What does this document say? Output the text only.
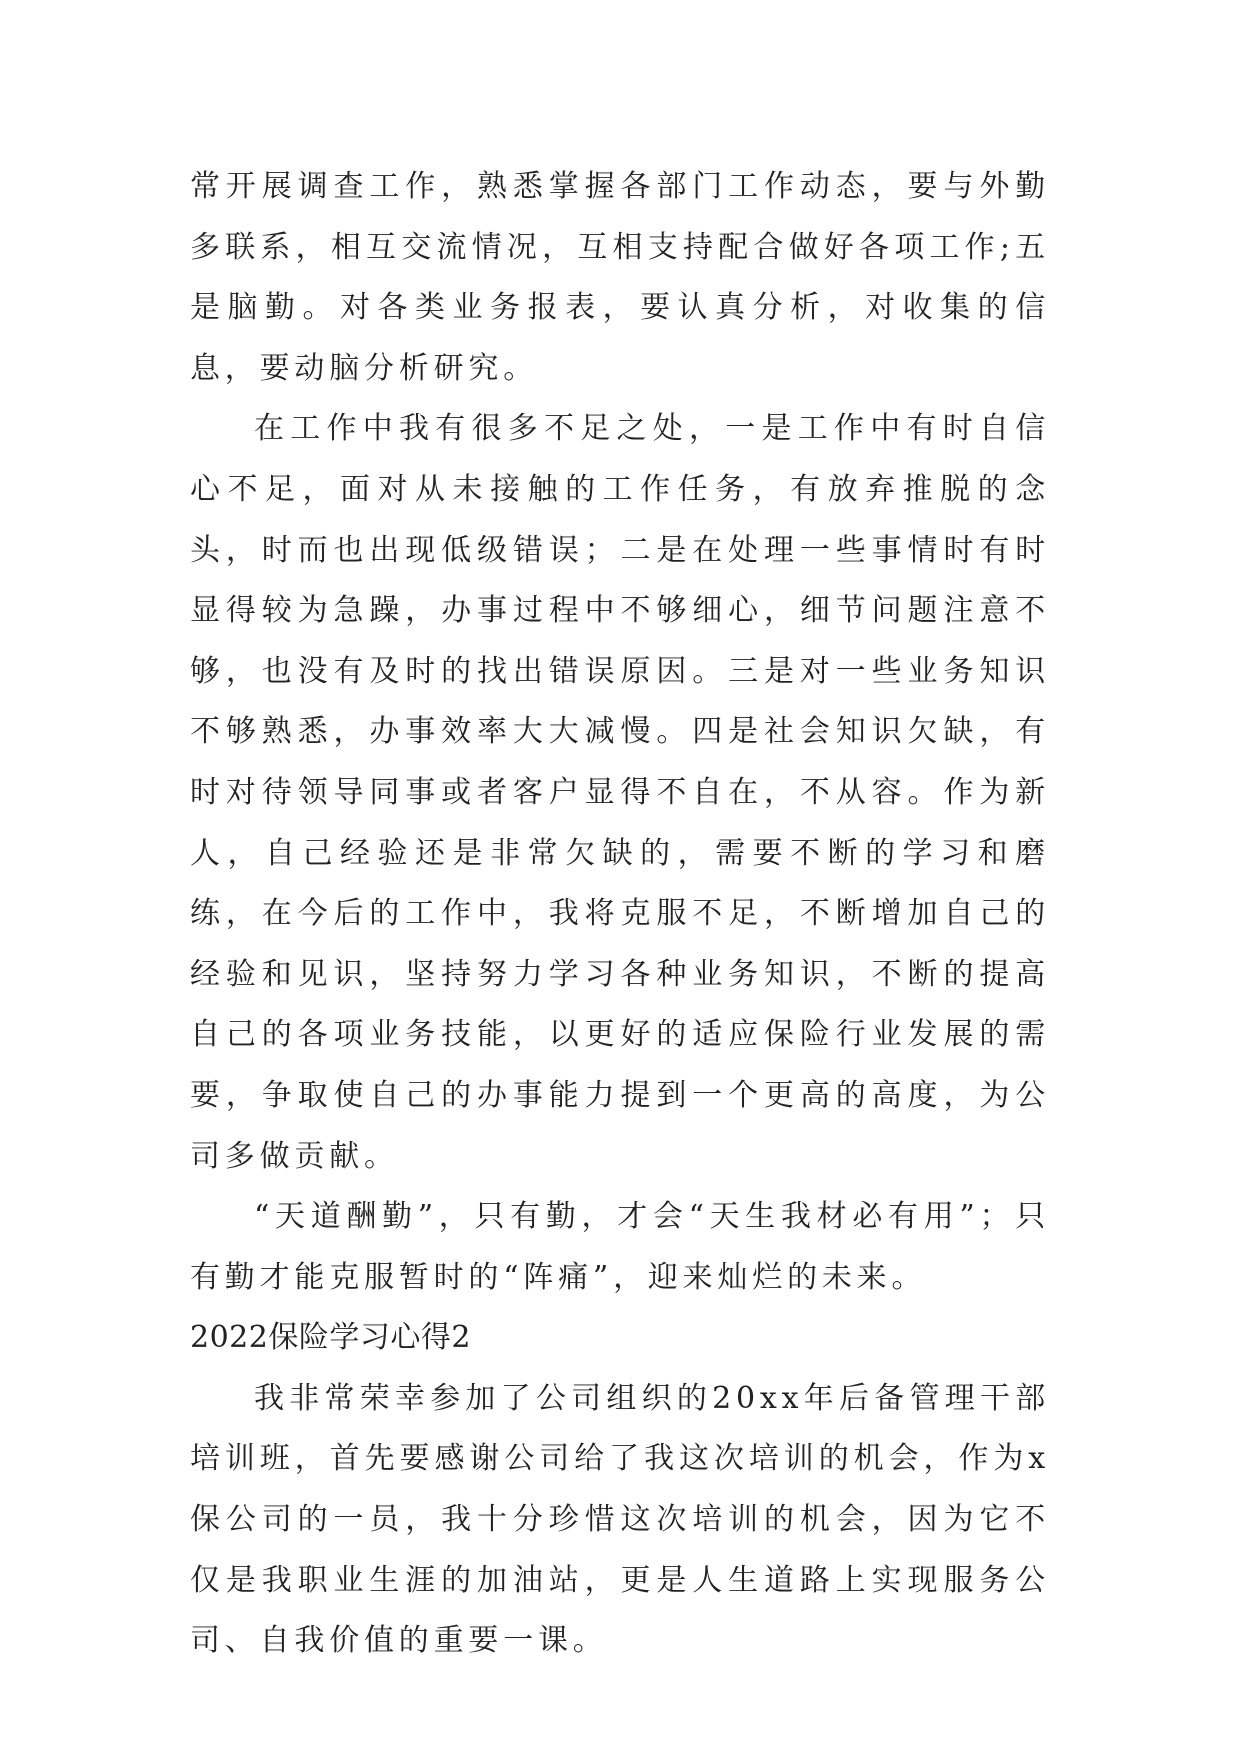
常开展调查工作，熟悉掌握各部门工作动态，要与外勤多联系，相互交流情况，互相支持配合做好各项工作;五是脑勤。对各类业务报表，要认真分析，对收集的信息，要动脑分析研究。

在工作中我有很多不足之处，一是工作中有时自信心不足，面对从未接触的工作任务，有放弃推脱的念头，时而也出现低级错误；二是在处理一些事情时有时显得较为急躁，办事过程中不够细心，细节问题注意不够，也没有及时的找出错误原因。三是对一些业务知识不够熟悉，办事效率大大减慢。四是社会知识欠缺，有时对待领导同事或者客户显得不自在，不从容。作为新人，自己经验还是非常欠缺的，需要不断的学习和磨练，在今后的工作中，我将克服不足，不断增加自己的经验和见识，坚持努力学习各种业务知识，不断的提高自己的各项业务技能，以更好的适应保险行业发展的需要，争取使自己的办事能力提到一个更高的高度，为公司多做贡献。

“天道酬勤”，只有勤，才会“天生我材必有用”；只有勤才能克服暂时的“阵痛”，迎来灿烂的未来。

2022保险学习心得2

我非常荣幸参加了公司组织的20xx年后备管理干部培训班，首先要感谢公司给了我这次培训的机会，作为x保公司的一员，我十分珍惜这次培训的机会，因为它不仅是我职业生涯的加油站，更是人生道路上实现服务公司、自我价值的重要一课。
